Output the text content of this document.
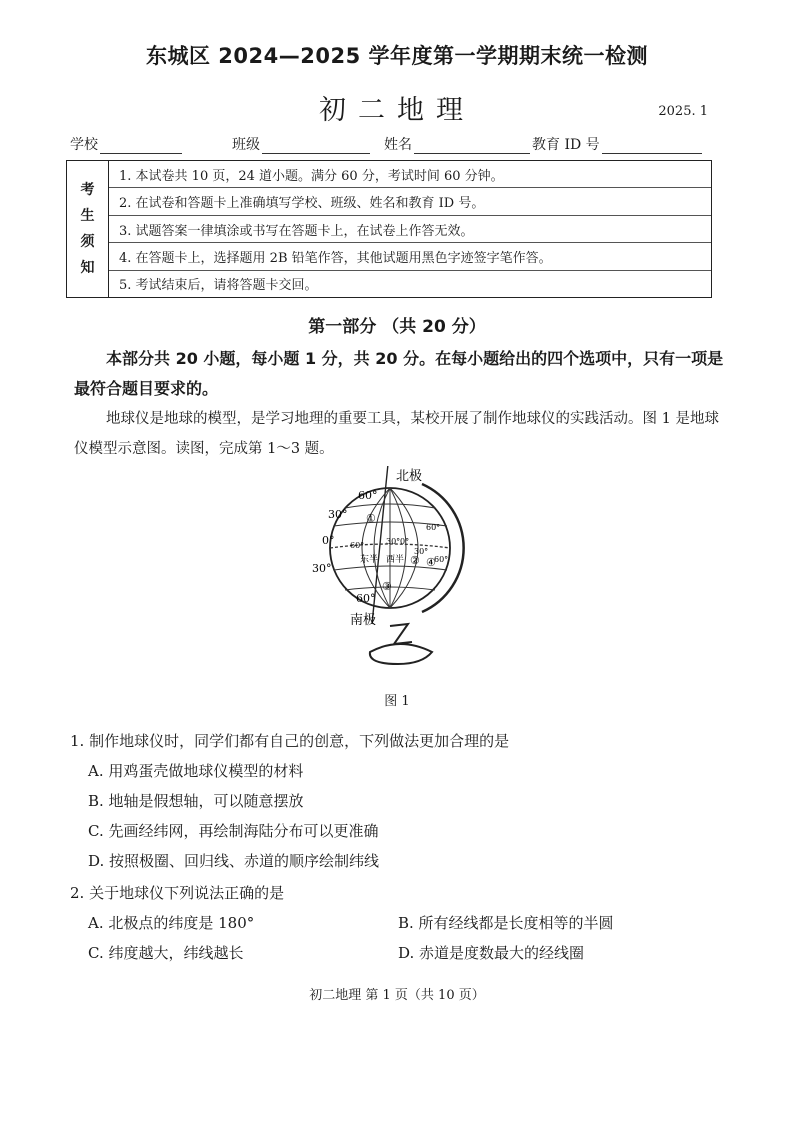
东城区 2024—2025 学年度第一学期期末统一检测
初二地理	2025. 1
学校	班级	姓名	教育 ID 号
考
生
须
知
1. 本试卷共 10 页，24 道小题。满分 60 分，考试时间 60 分钟。
2. 在试卷和答题卡上准确填写学校、班级、姓名和教育 ID 号。
3. 试题答案一律填涂或书写在答题卡上，在试卷上作答无效。
4. 在答题卡上，选择题用 2B 铅笔作答，其他试题用黑色字迹签字笔作答。
5. 考试结束后，请将答题卡交回。
第一部分 （共 20 分）
本部分共 20 小题，每小题 1 分，共 20 分。在每小题给出的四个选项中，只有一项是最符合题目要求的。
地球仪是地球的模型，是学习地理的重要工具，某校开展了制作地球仪的实践活动。图 1 是地球仪模型示意图。读图，完成第 1～3 题。
北极
南极
60°
30°
0°
30°
60°
60°	30° 0°
30°
60°
60°
东半 西半
①
②
③
④
图 1
1. 制作地球仪时，同学们都有自己的创意，下列做法更加合理的是
A. 用鸡蛋壳做地球仪模型的材料
B. 地轴是假想轴，可以随意摆放
C. 先画经纬网，再绘制海陆分布可以更准确
D. 按照极圈、回归线、赤道的顺序绘制纬线
2. 关于地球仪下列说法正确的是
A. 北极点的纬度是 180°	B. 所有经线都是长度相等的半圆
C. 纬度越大，纬线越长	D. 赤道是度数最大的经线圈
初二地理 第 1 页（共 10 页）
